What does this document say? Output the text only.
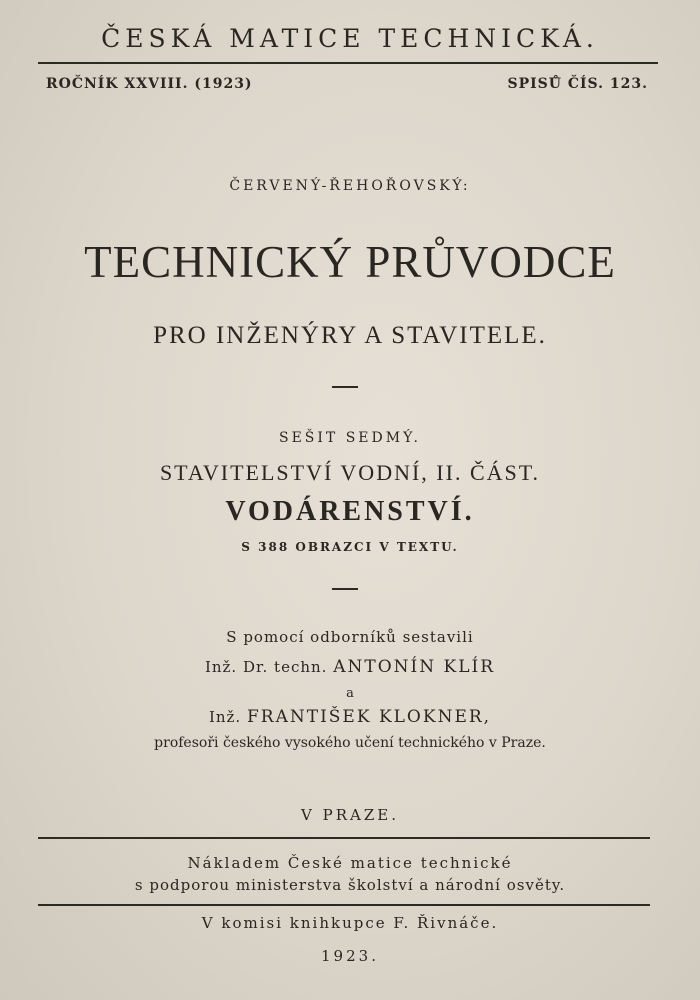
ČESKÁ MATICE TECHNICKÁ.
ROČNÍK XXVIII. (1923)	SPISŮ ČÍS. 123.
ČERVENÝ-ŘEHOŘOVSKÝ:
TECHNICKÝ PRŮVODCE
PRO INŽENÝRY A STAVITELE.
SEŠIT SEDMÝ.
STAVITELSTVÍ VODNÍ, II. ČÁST.
VODÁRENSTVÍ.
S 388 OBRAZCI V TEXTU.
S pomocí odborníků sestavili
Inž. Dr. techn. ANTONÍN KLÍR
a
Inž. FRANTIŠEK KLOKNER,
profesoři českého vysokého učení technického v Praze.
V PRAZE.
Nákladem České matice technické
s podporou ministerstva školství a národní osvěty.
V komisi knihkupce F. Řivnáče.
1923.
